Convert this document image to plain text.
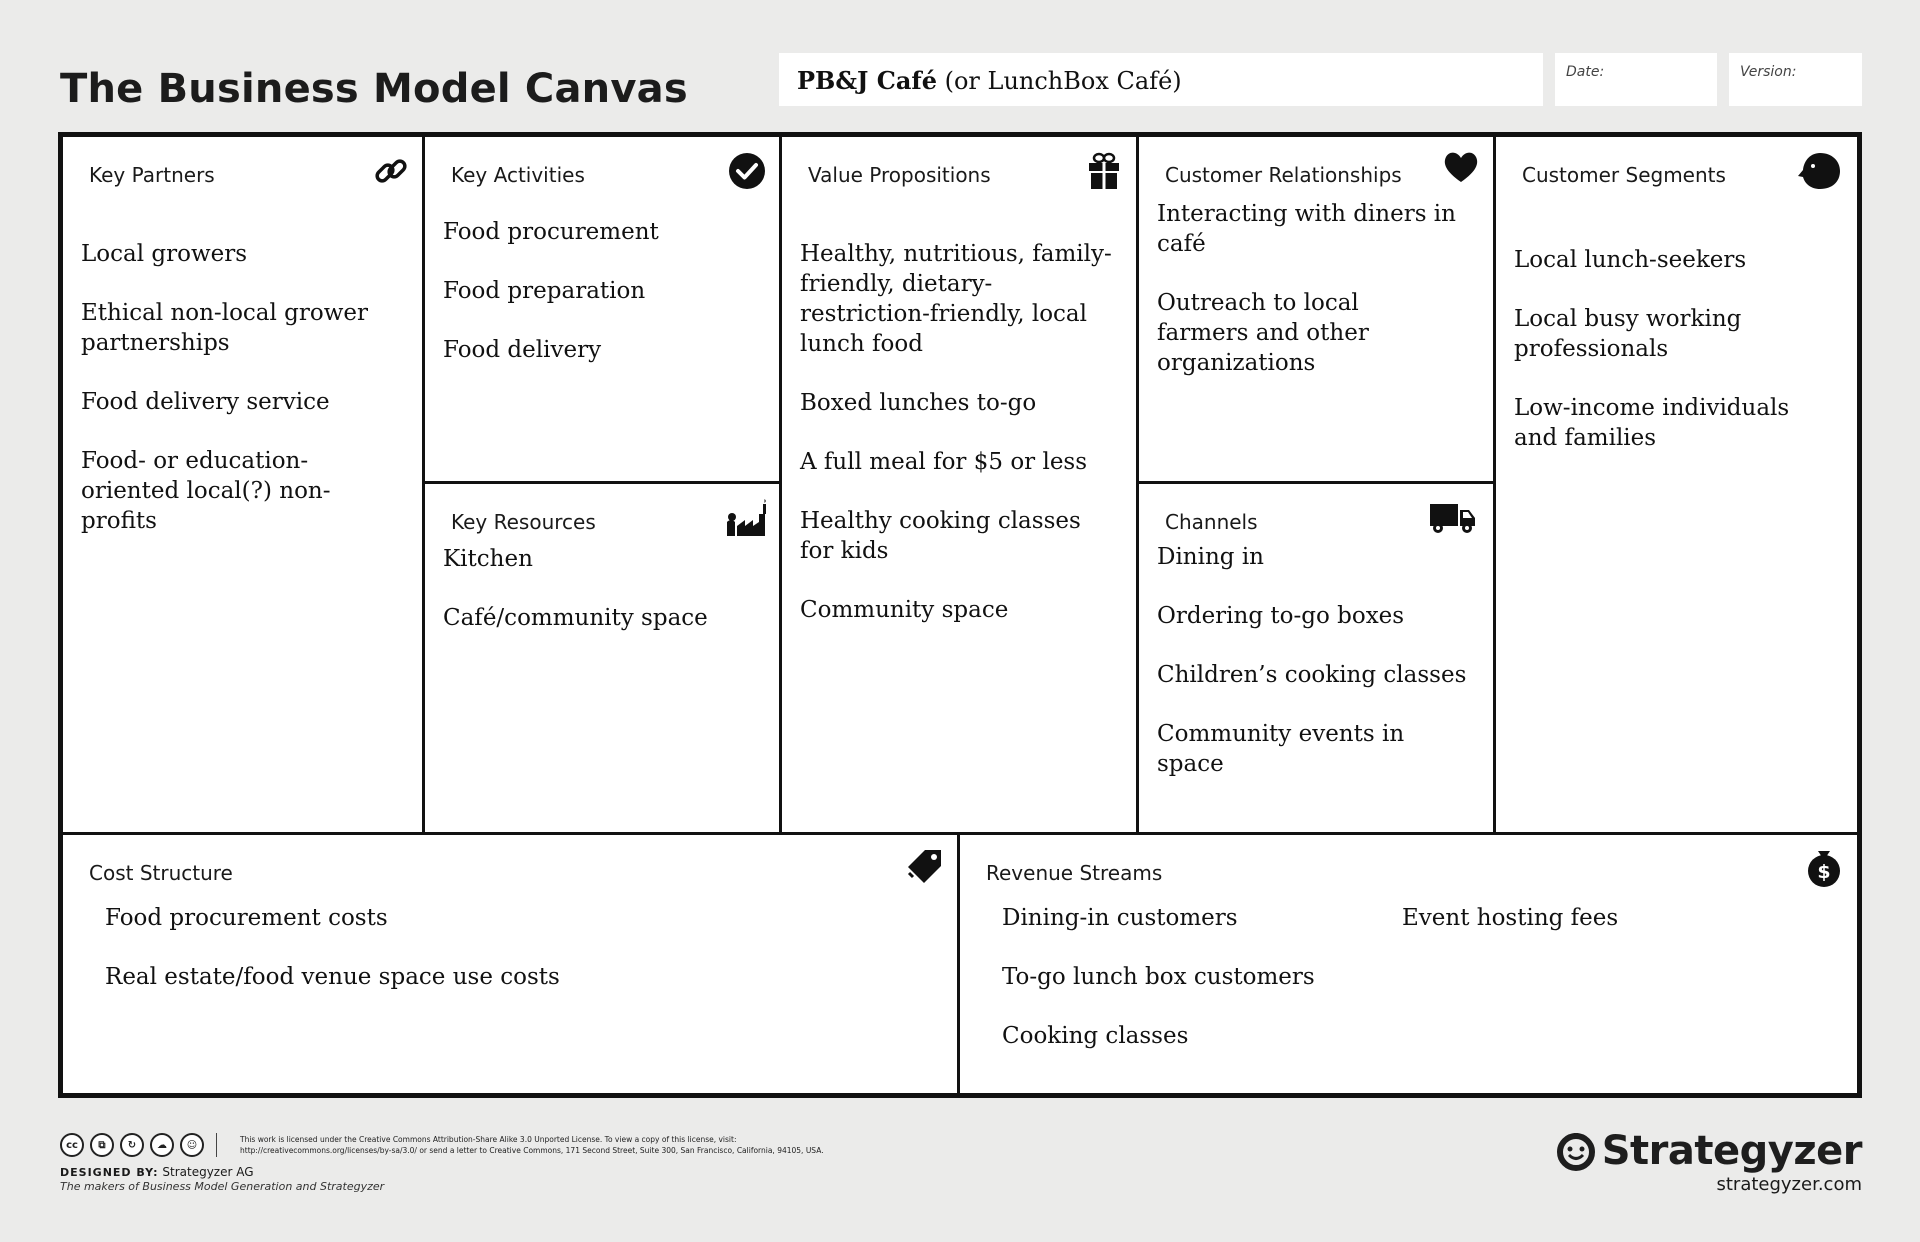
The Business Model Canvas	PB&J Café (or LunchBox Café)	Date:	Version:
Key Partners
Local growers
Ethical non-local grower partnerships
Food delivery service
Food- or education-oriented local(?) non-profits
Key Activities
Food procurement
Food preparation
Food delivery
Key Resources
Kitchen
Café/community space
Value Propositions
Healthy, nutritious, family-friendly, dietary-restriction-friendly, local lunch food
Boxed lunches to-go
A full meal for $5 or less
Healthy cooking classes for kids
Community space
Customer Relationships
Interacting with diners in café
Outreach to local farmers and other organizations
Channels
Dining in
Ordering to-go boxes
Children’s cooking classes
Community events in space
Customer Segments
Local lunch-seekers
Local busy working professionals
Low-income individuals and families
Cost Structure
Food procurement costs
Real estate/food venue space use costs
Revenue Streams	$
Dining-in customers
To-go lunch box customers
Cooking classes
Event hosting fees
cc	⧉	↻	☁	☺	This work is licensed under the Creative Commons Attribution-Share Alike 3.0 Unported License. To view a copy of this license, visit:
http://creativecommons.org/licenses/by-sa/3.0/ or send a letter to Creative Commons, 171 Second Street, Suite 300, San Francisco, California, 94105, USA.
DESIGNED BY: Strategyzer AG
The makers of Business Model Generation and Strategyzer
Strategyzer
strategyzer.com
